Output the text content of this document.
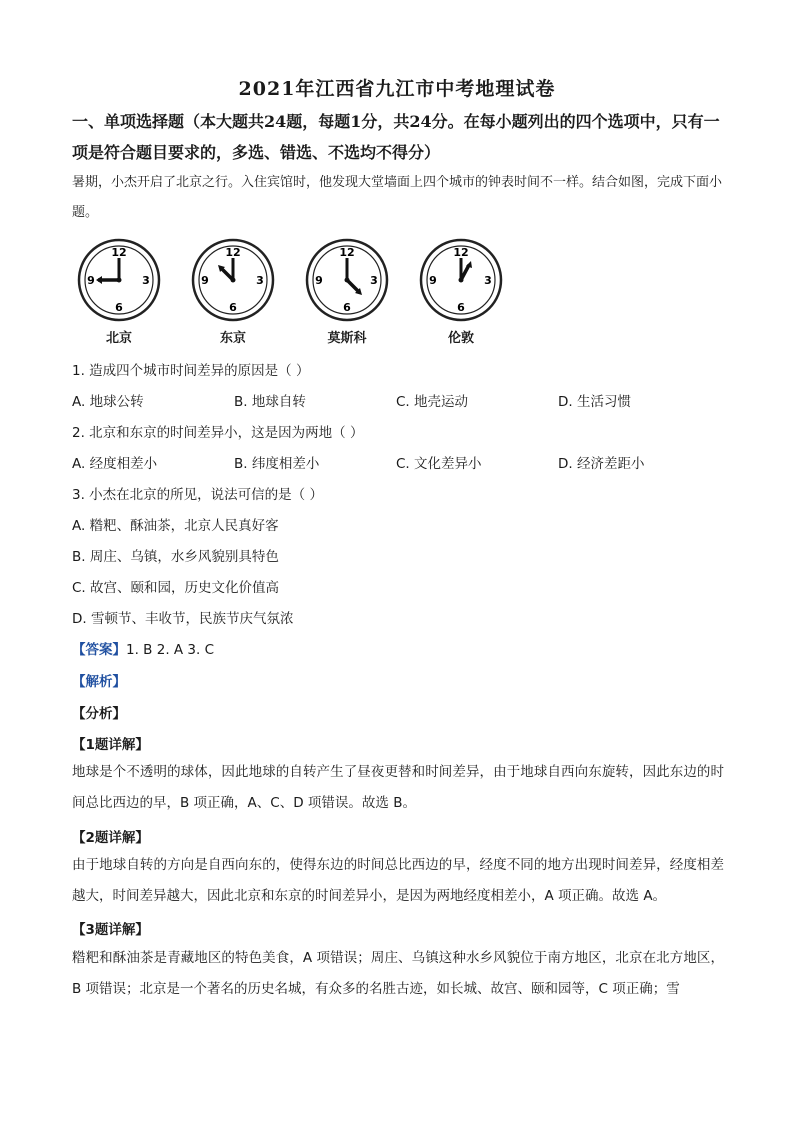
2021年江西省九江市中考地理试卷
一、单项选择题（本大题共24题，每题1分，共24分。在每小题列出的四个选项中，只有一项是符合题目要求的，多选、错选、不选均不得分）
暑期，小杰开启了北京之行。入住宾馆时，他发现大堂墙面上四个城市的钟表时间不一样。结合如图，完成下面小题。
12
3
6
9
北京
12
3
6
9
东京
12
3
6
9
莫斯科
12
3
6
9
伦敦
1. 造成四个城市时间差异的原因是（ ）
A. 地球公转	B. 地球自转	C. 地壳运动	D. 生活习惯
2. 北京和东京的时间差异小，这是因为两地（ ）
A. 经度相差小	B. 纬度相差小	C. 文化差异小	D. 经济差距小
3. 小杰在北京的所见，说法可信的是（ ）
A. 糌粑、酥油茶，北京人民真好客
B. 周庄、乌镇，水乡风貌别具特色
C. 故宫、颐和园，历史文化价值高
D. 雪顿节、丰收节，民族节庆气氛浓
【答案】1. B 2. A 3. C
【解析】
【分析】
【1题详解】
地球是个不透明的球体，因此地球的自转产生了昼夜更替和时间差异，由于地球自西向东旋转，因此东边的时间总比西边的早，B 项正确，A、C、D 项错误。故选 B。
【2题详解】
由于地球自转的方向是自西向东的，使得东边的时间总比西边的早，经度不同的地方出现时间差异，经度相差越大，时间差异越大，因此北京和东京的时间差异小，是因为两地经度相差小，A 项正确。故选 A。
【3题详解】
糌粑和酥油茶是青藏地区的特色美食，A 项错误；周庄、乌镇这种水乡风貌位于南方地区，北京在北方地区，B 项错误；北京是一个著名的历史名城，有众多的名胜古迹，如长城、故宫、颐和园等，C 项正确；雪
